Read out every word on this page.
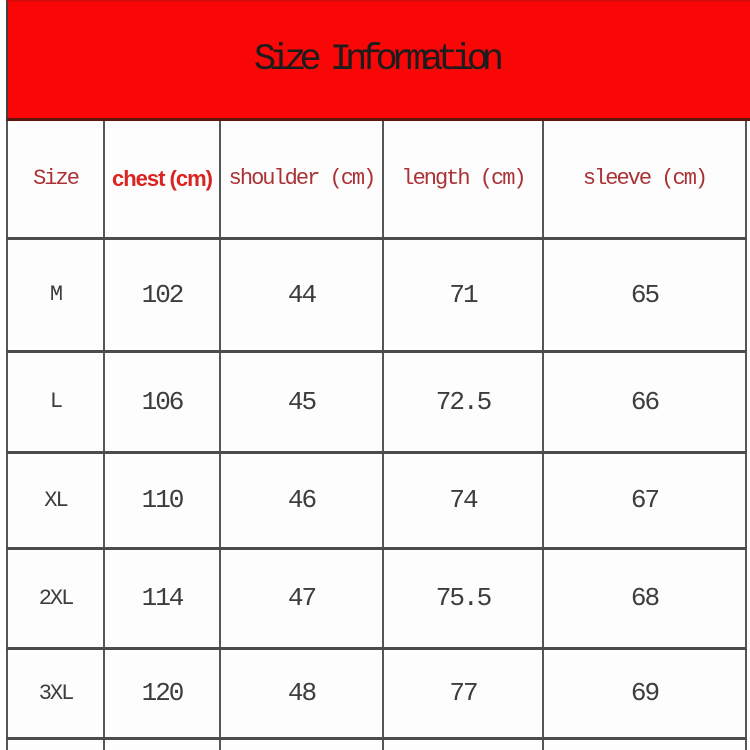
Size Information
Size	chest (cm)	shoulder (cm)	length (cm)	sleeve (cm)
M	102	44	71	65
L	106	45	72.5	66
XL	110	46	74	67
2XL	114	47	75.5	68
3XL	120	48	77	69
